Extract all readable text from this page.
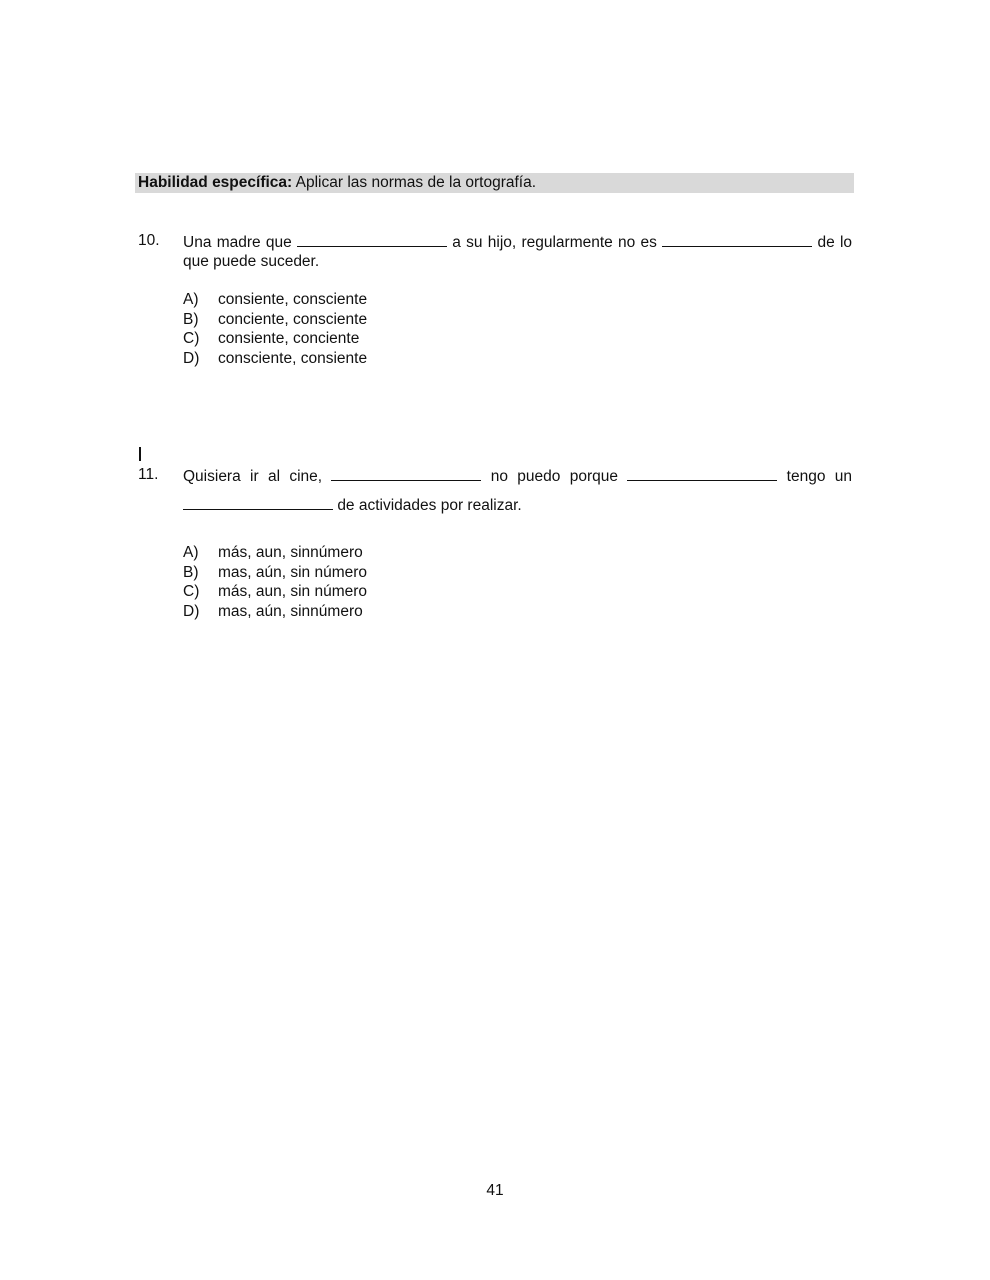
Habilidad específica: Aplicar las normas de la ortografía.
10. Una madre que	a su hijo, regularmente no es	de lo
que puede suceder.
A) consiente, consciente
B) conciente, consciente
C) consiente, conciente
D) consciente, consiente
11. Quisiera ir al cine,	no puedo porque	tengo un
de actividades por realizar.
A) más, aun, sinnúmero
B) mas, aún, sin número
C) más, aun, sin número
D) mas, aún, sinnúmero
41
